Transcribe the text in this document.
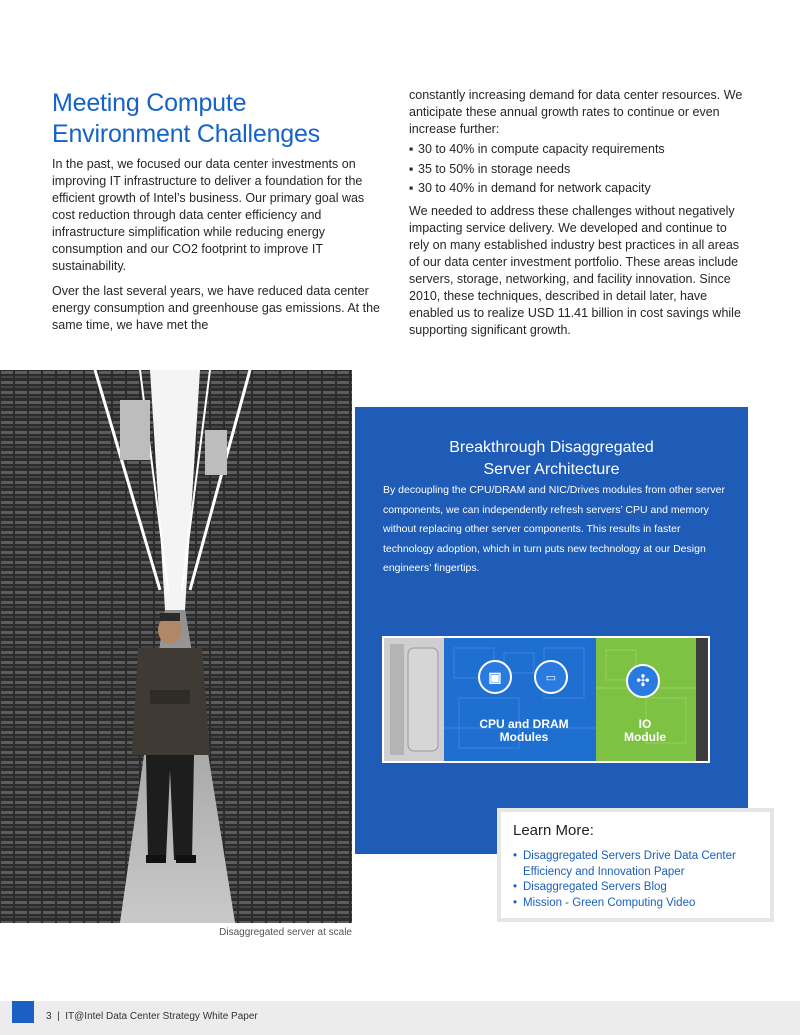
Meeting Compute Environment Challenges

In the past, we focused our data center investments on improving IT infrastructure to deliver a foundation for the efficient growth of Intel’s business. Our primary goal was cost reduction through data center efficiency and infrastructure simplification while reducing energy consumption and our CO2 footprint to improve IT sustainability.

Over the last several years, we have reduced data center energy consumption and greenhouse gas emissions. At the same time, we have met the

constantly increasing demand for data center resources. We anticipate these annual growth rates to continue or even increase further:

▪ 30 to 40% in compute capacity requirements
▪ 35 to 50% in storage needs
▪ 30 to 40% in demand for network capacity

We needed to address these challenges without negatively impacting service delivery. We developed and continue to rely on many established industry best practices in all areas of our data center investment portfolio. These areas include servers, storage, networking, and facility innovation. Since 2010, these techniques, described in detail later, have enabled us to realize USD 11.41 billion in cost savings while supporting significant growth.

Disaggregated server at scale
Breakthrough Disaggregated
Server Architecture

By decoupling the CPU/DRAM and NIC/Drives modules from other server components, we can independently refresh servers’ CPU and memory without replacing other server components. This results in faster technology adoption, which in turn puts new technology at our Design engineers’ fingertips.

▣	▭	✣
CPU and DRAM
Modules
IO
Module
Learn More:
• Disaggregated Servers Drive Data Center Efficiency and Innovation Paper
• Disaggregated Servers Blog
• Mission - Green Computing Video
3  |  IT@Intel Data Center Strategy White Paper
